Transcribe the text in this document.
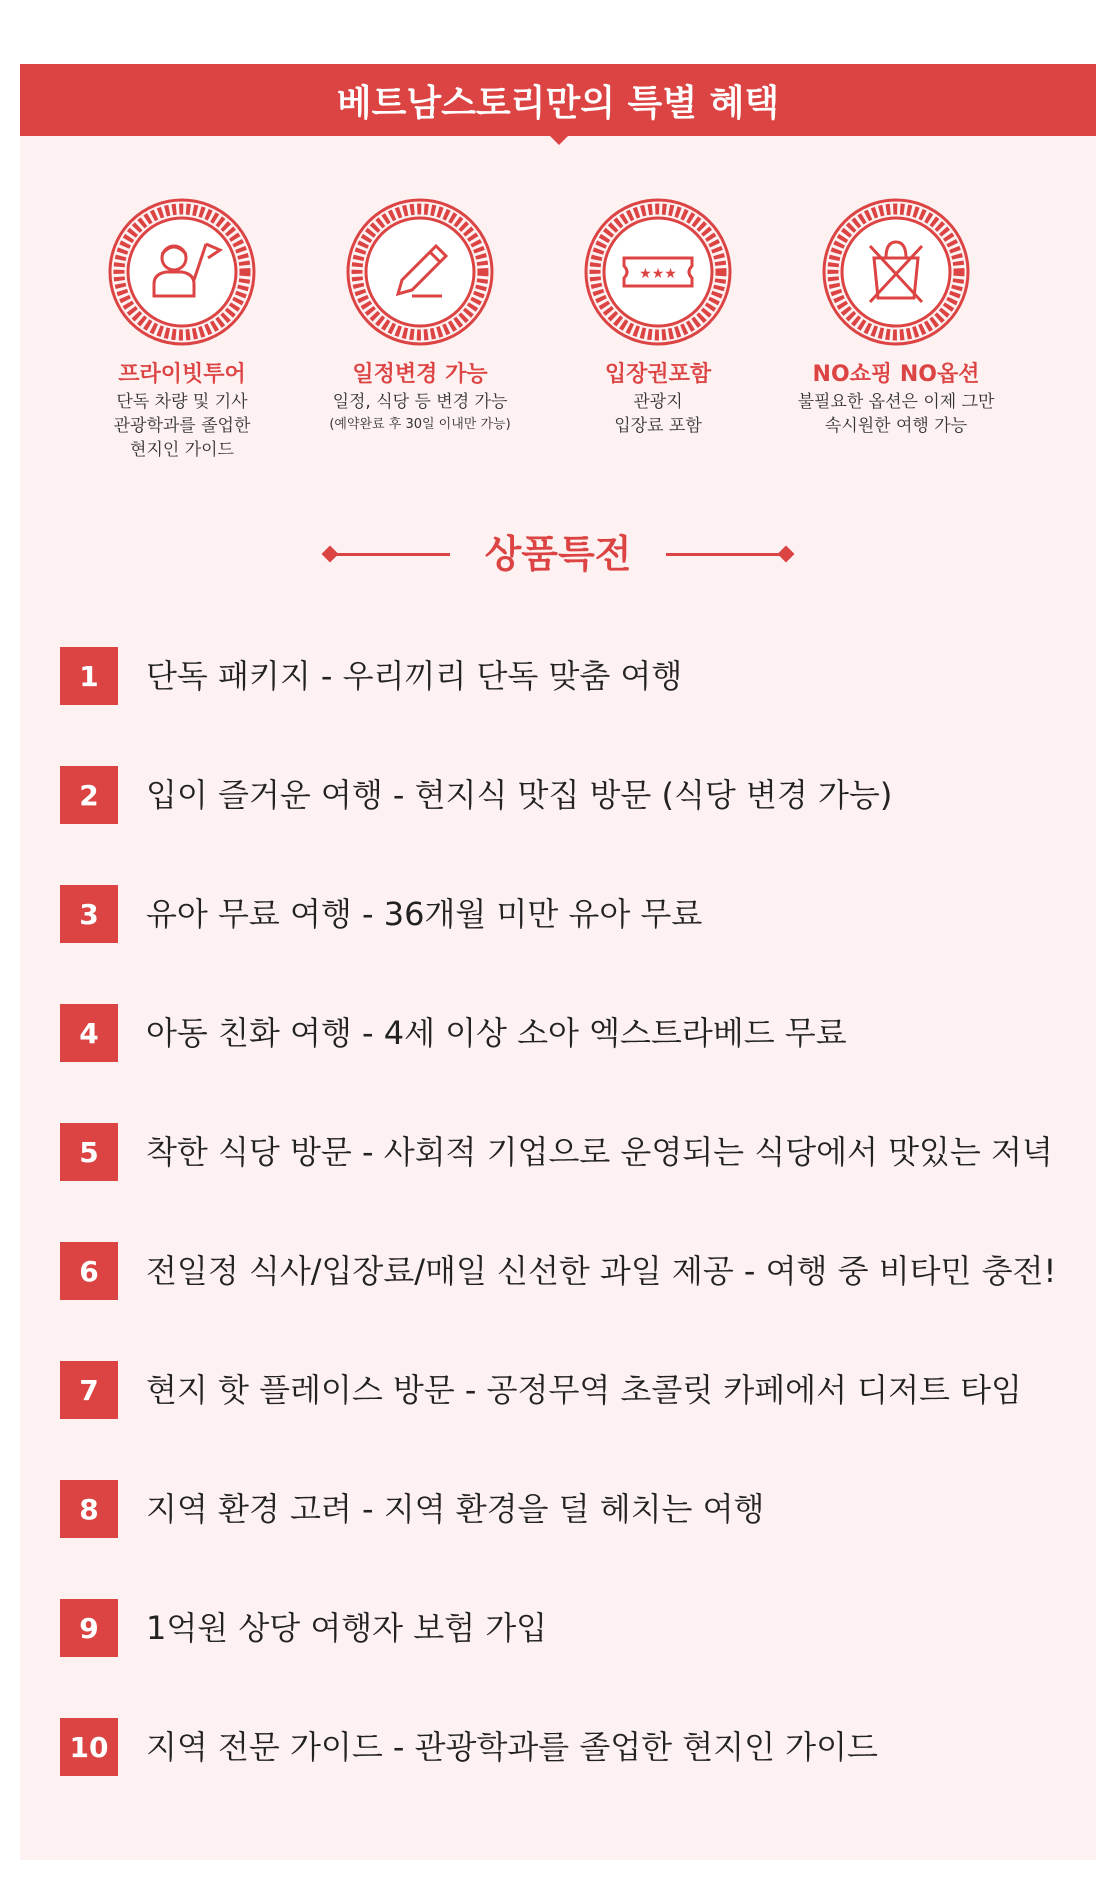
베트남스토리만의 특별 혜택
프라이빗투어
단독 차량 및 기사
관광학과를 졸업한
현지인 가이드
일정변경 가능
일정, 식당 등 변경 가능
(예약완료 후 30일 이내만 가능)
★★★
입장권포함
관광지
입장료 포함
NO쇼핑 NO옵션
불필요한 옵션은 이제 그만
속시원한 여행 가능
상품특전
1	단독 패키지 - 우리끼리 단독 맞춤 여행
2	입이 즐거운 여행 - 현지식 맛집 방문 (식당 변경 가능)
3	유아 무료 여행 - 36개월 미만 유아 무료
4	아동 친화 여행 - 4세 이상 소아 엑스트라베드 무료
5	착한 식당 방문 - 사회적 기업으로 운영되는 식당에서 맛있는 저녁
6	전일정 식사/입장료/매일 신선한 과일 제공 - 여행 중 비타민 충전!
7	현지 핫 플레이스 방문 - 공정무역 초콜릿 카페에서 디저트 타임
8	지역 환경 고려 - 지역 환경을 덜 헤치는 여행
9	1억원 상당 여행자 보험 가입
10 지역 전문 가이드 - 관광학과를 졸업한 현지인 가이드
